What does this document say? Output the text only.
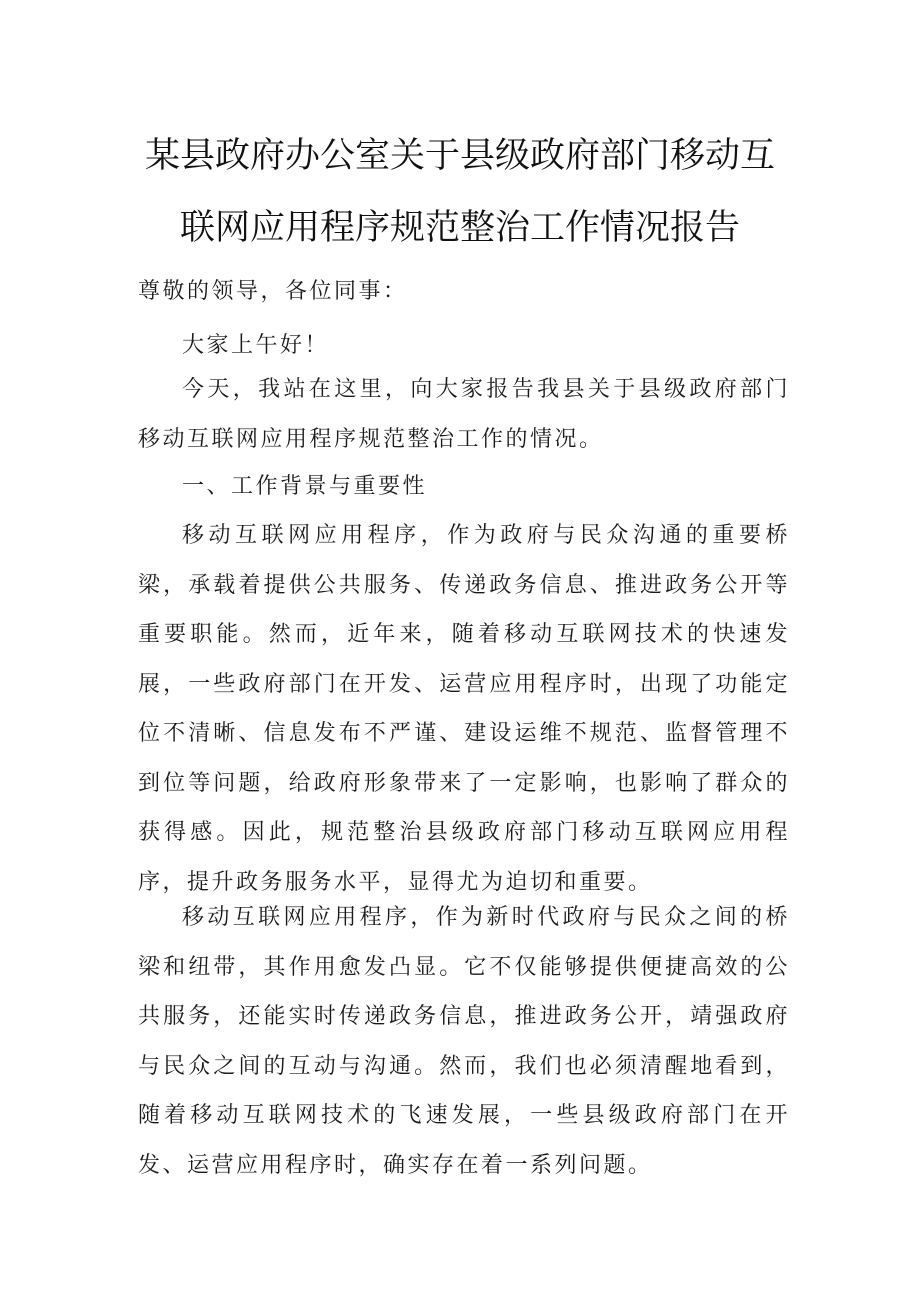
某县政府办公室关于县级政府部门移动互
联网应用程序规范整治工作情况报告

尊敬的领导，各位同事：

大家上午好！

今天，我站在这里，向大家报告我县关于县级政府部门移动互联网应用程序规范整治工作的情况。

一、工作背景与重要性

移动互联网应用程序，作为政府与民众沟通的重要桥梁，承载着提供公共服务、传递政务信息、推进政务公开等重要职能。然而，近年来，随着移动互联网技术的快速发展，一些政府部门在开发、运营应用程序时，出现了功能定位不清晰、信息发布不严谨、建设运维不规范、监督管理不到位等问题，给政府形象带来了一定影响，也影响了群众的获得感。因此，规范整治县级政府部门移动互联网应用程序，提升政务服务水平，显得尤为迫切和重要。

移动互联网应用程序，作为新时代政府与民众之间的桥梁和纽带，其作用愈发凸显。它不仅能够提供便捷高效的公共服务，还能实时传递政务信息，推进政务公开，靖强政府与民众之间的互动与沟通。然而，我们也必须清醒地看到，随着移动互联网技术的飞速发展，一些县级政府部门在开发、运营应用程序时，确实存在着一系列问题。
